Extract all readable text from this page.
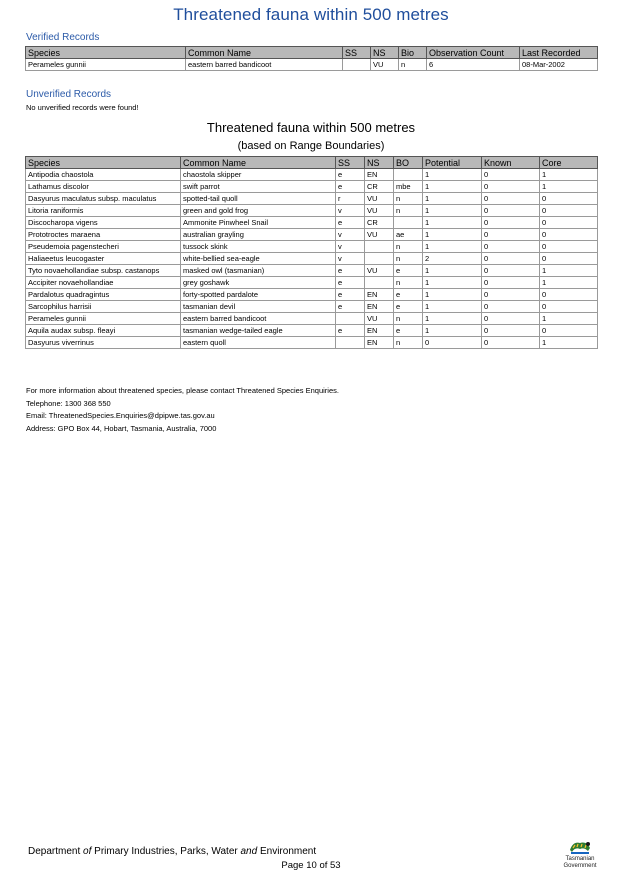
Threatened fauna within 500 metres
Verified Records
Species	Common Name	SS	NS	Bio	Observation Count	Last Recorded
Perameles gunnii	eastern barred bandicoot		VU	n	6	08-Mar-2002
Unverified Records
No unverified records were found!
Threatened fauna within 500 metres
(based on Range Boundaries)
Species	Common Name	SS	NS	BO	Potential	Known	Core
Antipodia chaostola	chaostola skipper	e	EN		1	0	1
Lathamus discolor	swift parrot	e	CR	mbe	1	0	1
Dasyurus maculatus subsp. maculatus	spotted-tail quoll	r	VU	n	1	0	0
Litoria raniformis	green and gold frog	v	VU	n	1	0	0
Discocharopa vigens	Ammonite Pinwheel Snail	e	CR		1	0	0
Prototroctes maraena	australian grayling	v	VU	ae	1	0	0
Pseudemoia pagenstecheri	tussock skink	v		n	1	0	0
Haliaeetus leucogaster	white-bellied sea-eagle	v		n	2	0	0
Tyto novaehollandiae subsp. castanops	masked owl (tasmanian)	e	VU	e	1	0	1
Accipiter novaehollandiae	grey goshawk	e		n	1	0	1
Pardalotus quadragintus	forty-spotted pardalote	e	EN	e	1	0	0
Sarcophilus harrisii	tasmanian devil	e	EN	e	1	0	0
Perameles gunnii	eastern barred bandicoot		VU	n	1	0	1
Aquila audax subsp. fleayi	tasmanian wedge-tailed eagle	e	EN	e	1	0	0
Dasyurus viverrinus	eastern quoll		EN	n	0	0	1
For more information about threatened species, please contact Threatened Species Enquiries.
Telephone: 1300 368 550
Email: ThreatenedSpecies.Enquiries@dpipwe.tas.gov.au
Address: GPO Box 44, Hobart, Tasmania, Australia, 7000
Department of Primary Industries, Parks, Water and Environment
Page 10 of 53
Tasmanian
Government
